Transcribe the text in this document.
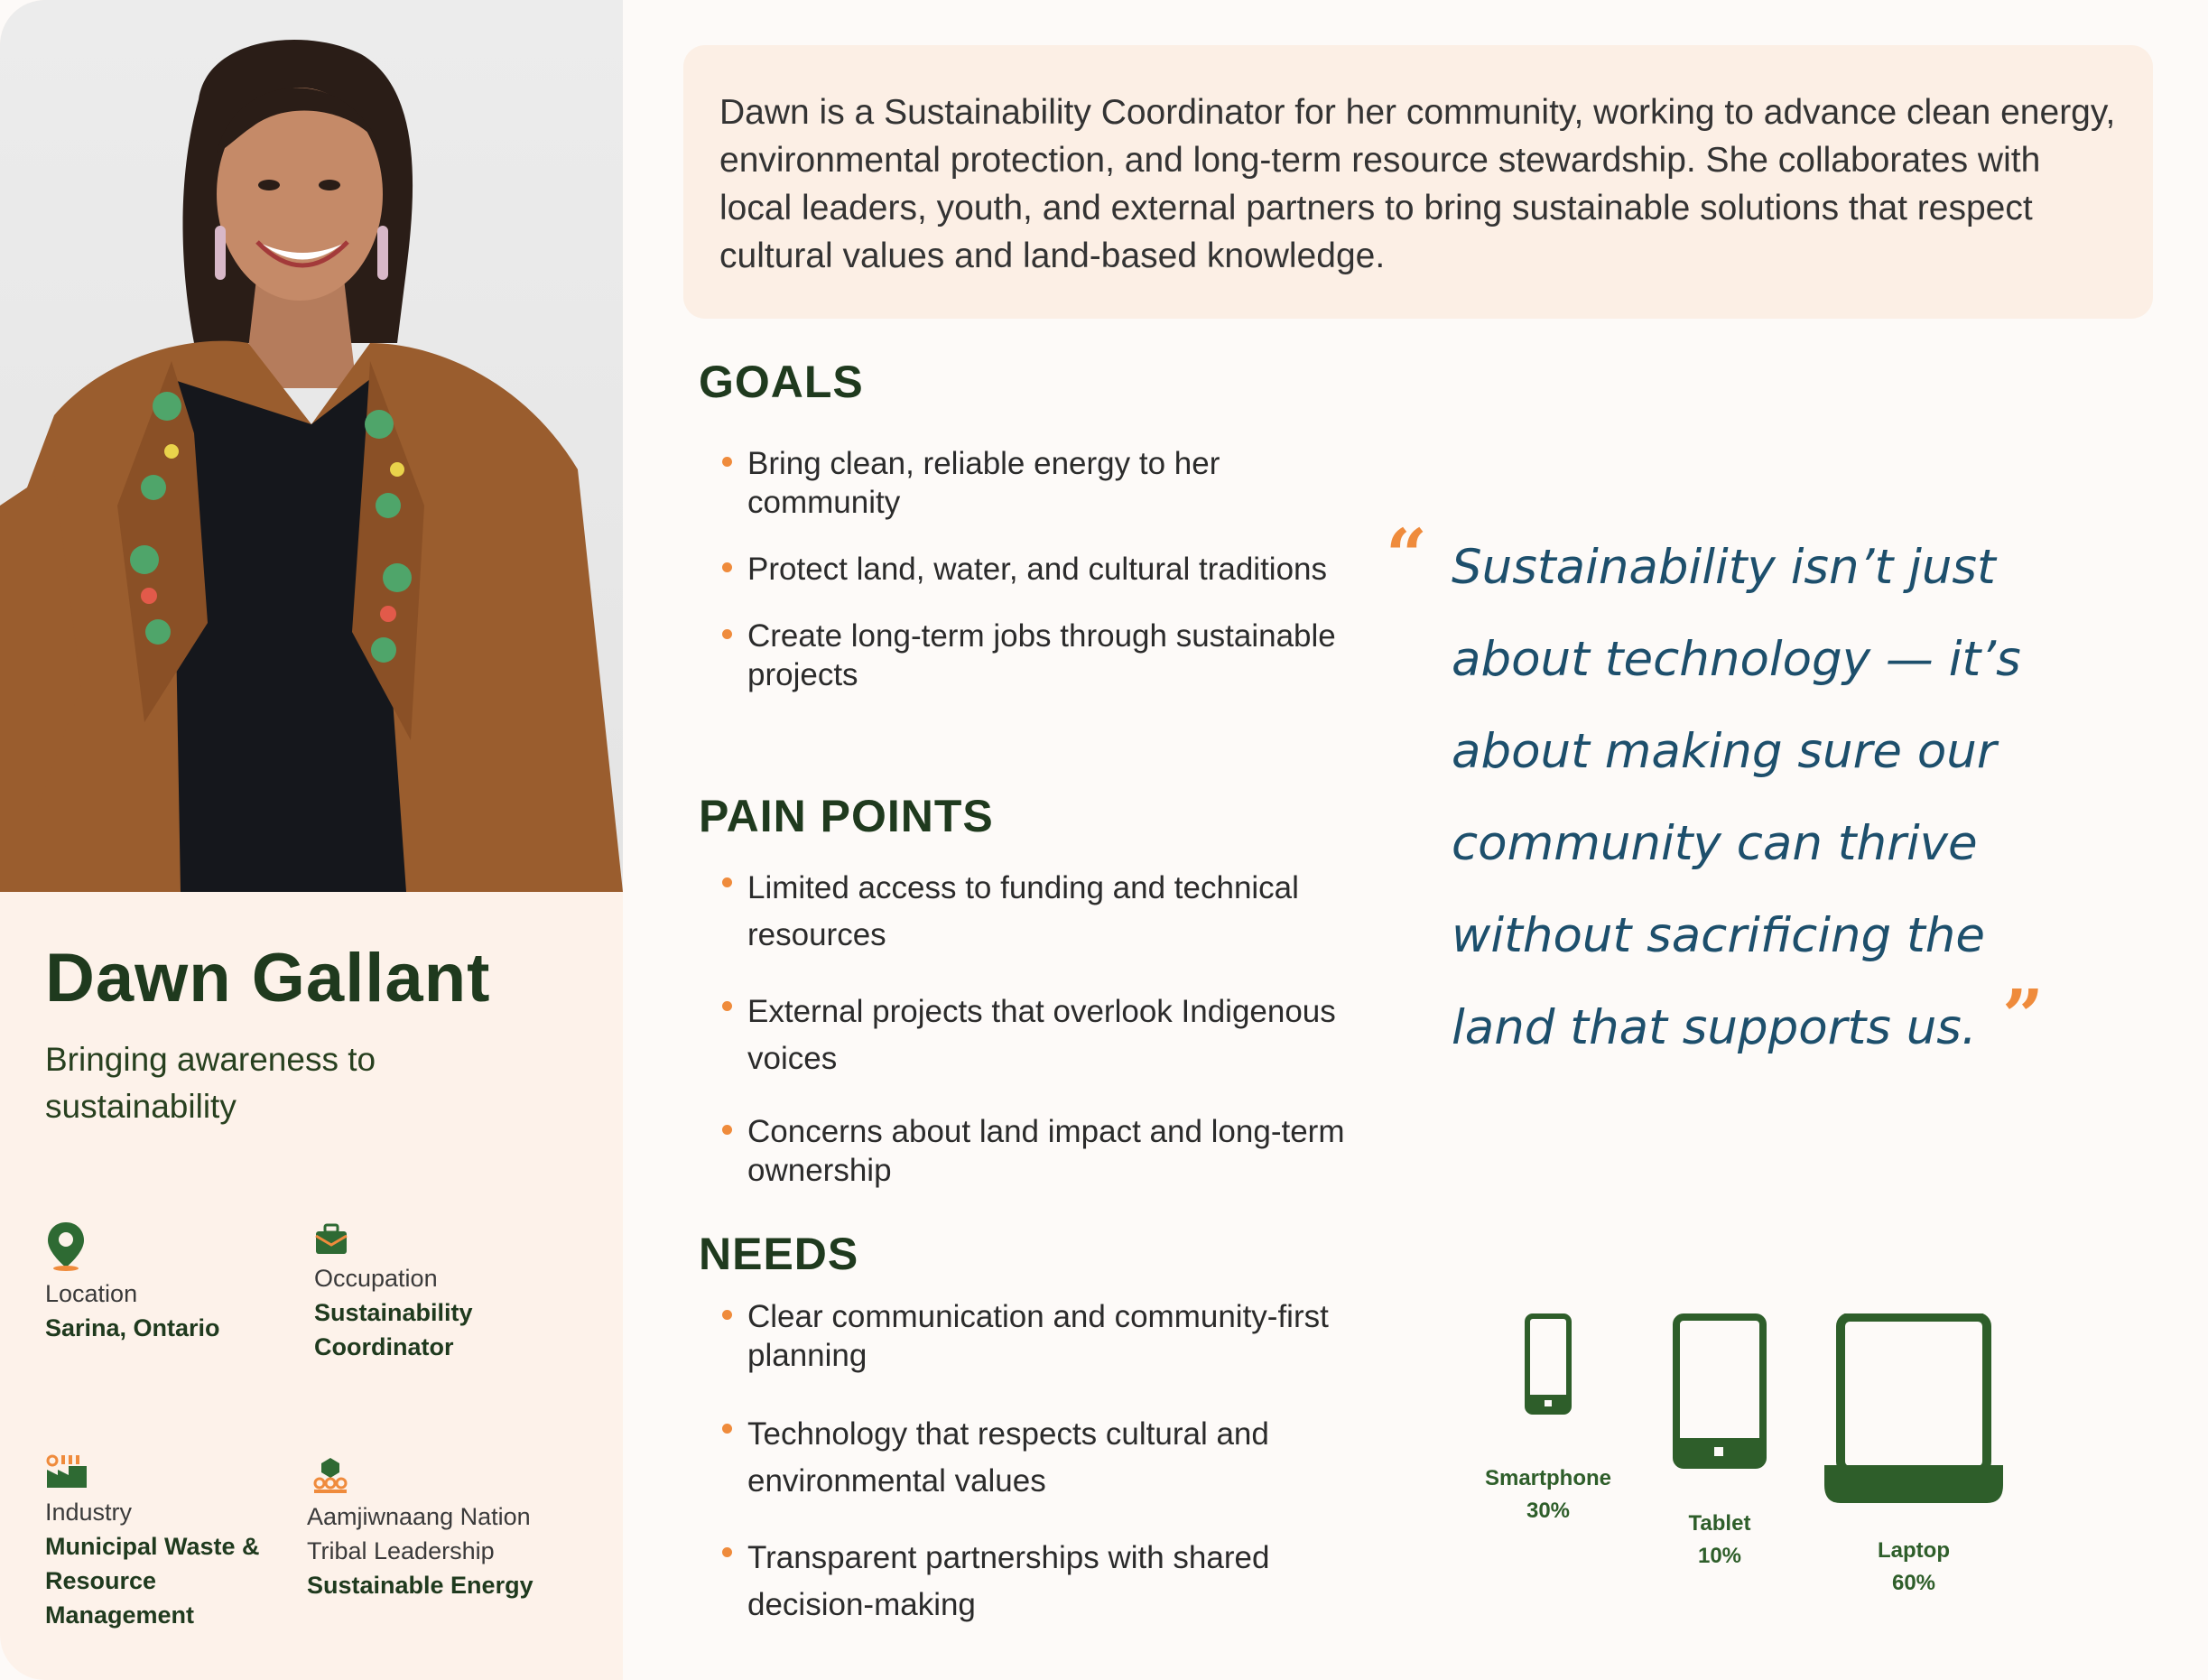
Dawn Gallant
Bringing awareness to sustainability
Location
Sarina, Ontario
Occupation
Sustainability Coordinator
Industry
Municipal Waste & Resource Management
Aamjiwnaang Nation Tribal Leadership
Sustainable Energy
Dawn is a Sustainability Coordinator for her community, working to advance clean energy, environmental protection, and long-term resource stewardship. She collaborates with local leaders, youth, and external partners to bring sustainable solutions that respect cultural values and land-based knowledge.
GOALS
Bring clean, reliable energy to her community
Protect land, water, and cultural traditions
Create long-term jobs through sustainable projects
PAIN POINTS
Limited access to funding and technical resources
External projects that overlook Indigenous voices
Concerns about land impact and long-term ownership
NEEDS
Clear communication and community-first planning
Technology that respects cultural and environmental values
Transparent partnerships with shared decision-making
“ Sustainability isn’t just about technology — it’s about making sure our community can thrive without sacrificing the land that supports us. ”
Smartphone
30%
Tablet
10%	Laptop
60%
